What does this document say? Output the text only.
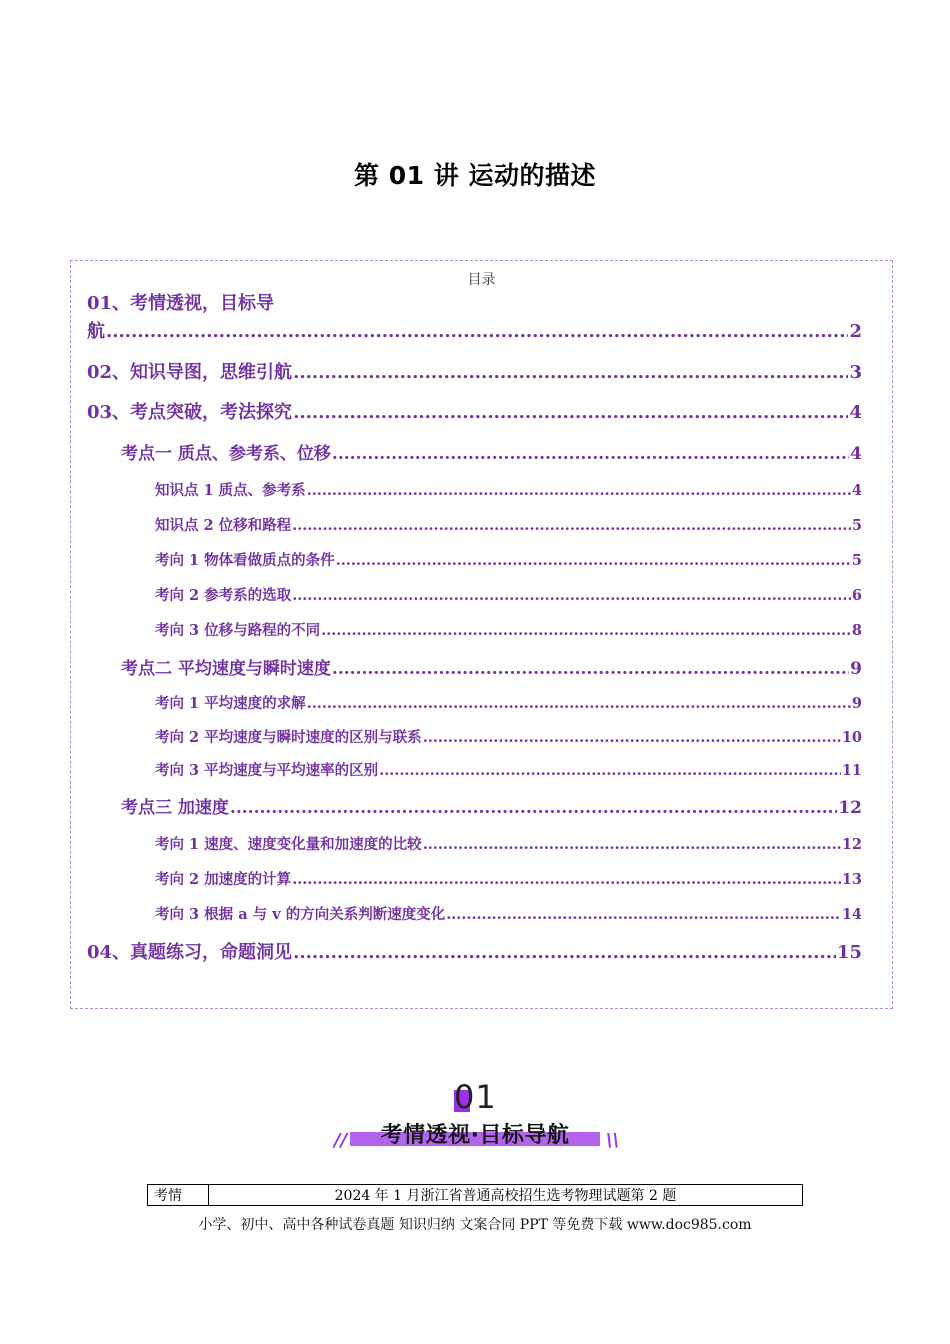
第 01 讲 运动的描述
目录
01、考情透视，目标导
航 .....	2
02、知识导图，思维引航 .....	3
03、考点突破，考法探究 .....	4
考点一 质点、参考系、位移 .....	4
知识点 1 质点、参考系 .....	4
知识点 2 位移和路程 .....	5
考向 1 物体看做质点的条件 .....	5
考向 2 参考系的选取 .....	6
考向 3 位移与路程的不同 .....	8
考点二 平均速度与瞬时速度 .....	9
考向 1 平均速度的求解 .....	9
考向 2 平均速度与瞬时速度的区别与联系 .....	10
考向 3 平均速度与平均速率的区别 .....	11
考点三 加速度 .....	12
考向 1 速度、速度变化量和加速度的比较 .....	12
考向 2 加速度的计算 .....	13
考向 3 根据 a 与 v 的方向关系判断速度变化 .....	14
04、真题练习，命题洞见 .....	15
01
//	考情透视·目标导航	\\
考情	2024 年 1 月浙江省普通高校招生选考物理试题第 2 题
小学、初中、高中各种试卷真题 知识归纳 文案合同 PPT 等免费下载 www.doc985.com
